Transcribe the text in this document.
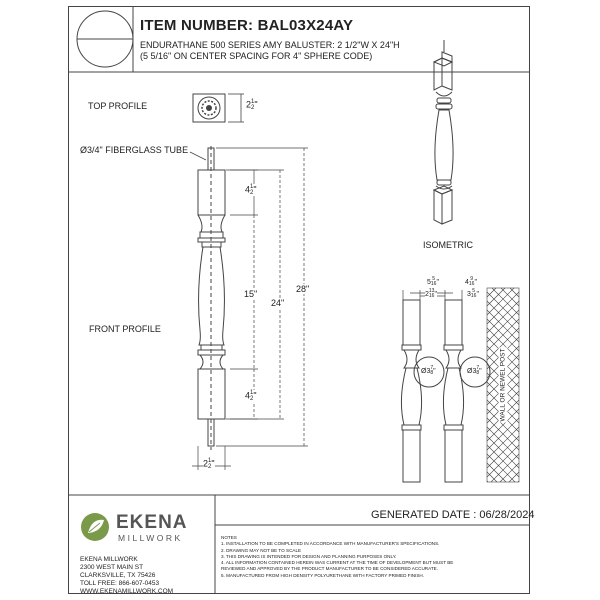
ITEM NUMBER: BAL03X24AY
ENDURATHANE 500 SERIES AMY BALUSTER: 2 1/2"W X 24"H
(5 5/16" ON CENTER SPACING FOR 4" SPHERE CODE)
TOP PROFILE
Ø3/4" FIBERGLASS TUBE
FRONT PROFILE
ISOMETRIC
WALL OR NEWEL POST
21
2"
41
2"
15"
24"
28"
41
2"
21
2"
55
16"	49
16"
213
16"	35
16"
Ø37
8"	Ø37
8"
GENERATED DATE : 06/28/2024
EKENA
MILLWORK
EKENA MILLWORK
2300 WEST MAIN ST
CLARKSVILLE, TX 75426
TOLL FREE: 866-607-0453
WWW.EKENAMILLWORK.COM
NOTES
1. INSTALLATION TO BE COMPLETED IN ACCORDANCE WITH MANUFACTURER'S SPECIFICATIONS.
2. DRAWING MAY NOT BE TO SCALE
3. THIS DRAWING IS INTENDED FOR DESIGN AND PLANNING PURPOSES ONLY.
4. ALL INFORMATION CONTAINED HEREIN WAS CURRENT AT THE TIME OF DEVELOPMENT BUT MUST BE
REVIEWED AND APPROVED BY THE PRODUCT MANUFACTURER TO BE CONSIDERED ACCURATE.
5. MANUFACTURED FROM HIGH DENSITY POLYURETHANE WITH FACTORY PRIMED FINISH.
